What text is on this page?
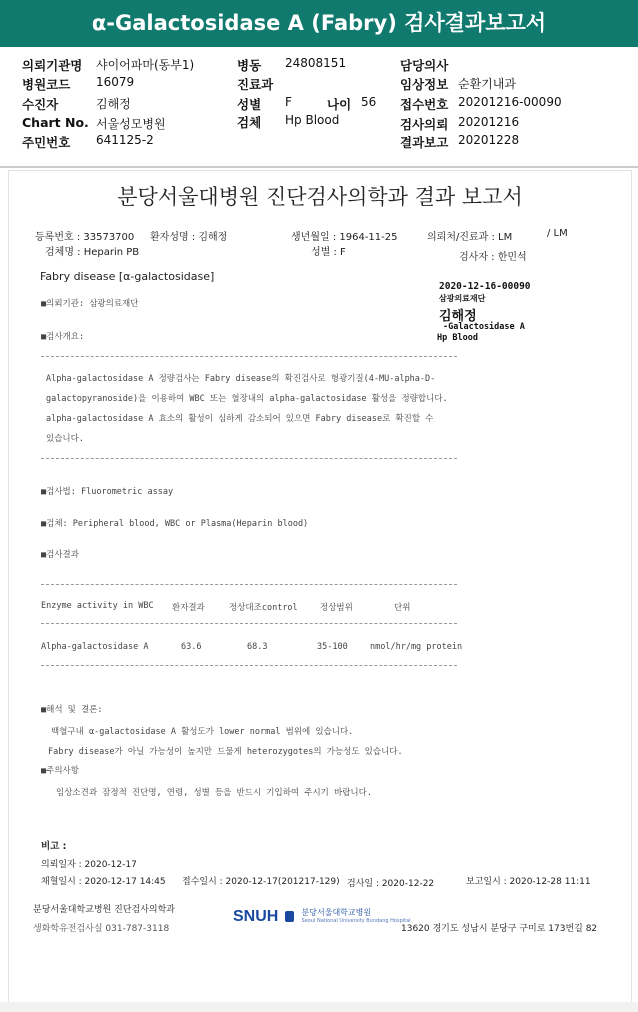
α-Galactosidase A (Fabry) 검사결과보고서
의뢰기관명 샤이어파마(동부1)
병원코드 16079
수진자	김해정
Chart No. 서울성모병원
주민번호 641125-2
병동 24808151
진료과
성별 F	나이 56
검체 Hp Blood
담당의사
임상정보 순환기내과
접수번호 20201216-00090
검사의뢰 20201216
결과보고 20201228
분당서울대병원 진단검사의학과 결과 보고서
등록번호 : 33573700 환자성명 : 김해정	생년월일 : 1964-11-25	의뢰처/진료과 : LM	/ LM
검체명 : Heparin PB	성별 : F	검사자 : 한민석
Fabry disease [α-galactosidase]
2020-12-16-00090
삼광의료재단
김해정
-Galactosidase A
Hp Blood
■의뢰기관: 삼광의료재단
■검사개요:
Alpha-galactosidase A 정량검사는 Fabry disease의 확진검사로 형광기질(4-MU-alpha-D-
galactopyranoside)을 이용하여 WBC 또는 혈장내의 alpha-galactosidase 활성을 정량합니다.
alpha-galactosidase A 효소의 활성이 심하게 감소되어 있으면 Fabry disease로 확진할 수
있습니다.
■검사법: Fluorometric assay
■검체: Peripheral blood, WBC or Plasma(Heparin blood)
■검사결과
Enzyme activity in WBC 환자결과	정상대조control	정상범위	단위
Alpha-galactosidase A	63.6	68.3	35-100	nmol/hr/mg protein
■해석 및 결론:
백혈구내 α-galactosidase A 활성도가 lower normal 범위에 있습니다.
Fabry disease가 아닐 가능성이 높지만 드물게 heterozygotes의 가능성도 있습니다.
■주의사항
임상소견과 잠정적 진단명, 연령, 성별 등을 반드시 기입하여 주시기 바랍니다.
비고 :
의뢰일자 : 2020-12-17
채혈일시 : 2020-12-17 14:45 접수일시 : 2020-12-17(201217-129) 검사일 : 2020-12-22	보고일시 : 2020-12-28 11:11
분당서울대학교병원 진단검사의학과
생화학유전검사실 031-787-3118
SNUH	분당서울대학교병원
Seoul National University Bundang Hospital
13620 경기도 성남시 분당구 구미로 173번길 82
